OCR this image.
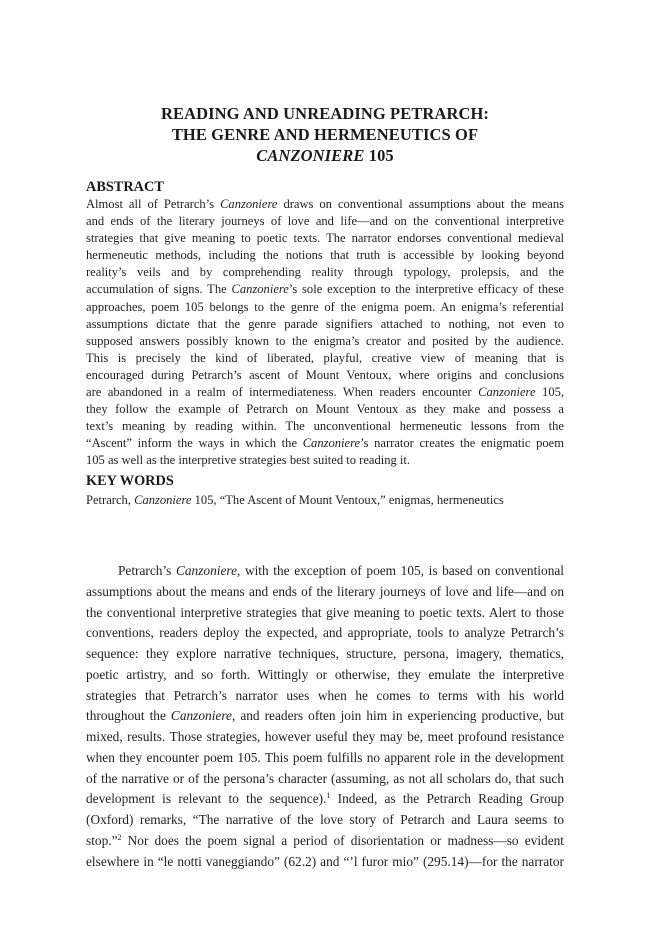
READING AND UNREADING PETRARCH:
THE GENRE AND HERMENEUTICS OF
CANZONIERE 105
ABSTRACT
Almost all of Petrarch’s Canzoniere draws on conventional assumptions about the means
and ends of the literary journeys of love and life—and on the conventional interpretive
strategies that give meaning to poetic texts. The narrator endorses conventional medieval
hermeneutic methods, including the notions that truth is accessible by looking beyond
reality’s veils and by comprehending reality through typology, prolepsis, and the
accumulation of signs. The Canzoniere’s sole exception to the interpretive efficacy of these
approaches, poem 105 belongs to the genre of the enigma poem. An enigma’s referential
assumptions dictate that the genre parade signifiers attached to nothing, not even to
supposed answers possibly known to the enigma’s creator and posited by the audience.
This is precisely the kind of liberated, playful, creative view of meaning that is
encouraged during Petrarch’s ascent of Mount Ventoux, where origins and conclusions
are abandoned in a realm of intermediateness. When readers encounter Canzoniere 105,
they follow the example of Petrarch on Mount Ventoux as they make and possess a
text’s meaning by reading within. The unconventional hermeneutic lessons from the
“Ascent” inform the ways in which the Canzoniere’s narrator creates the enigmatic poem
105 as well as the interpretive strategies best suited to reading it.
KEY WORDS
Petrarch, Canzoniere 105, “The Ascent of Mount Ventoux,” enigmas, hermeneutics
Petrarch’s Canzoniere, with the exception of poem 105, is based on conventional
assumptions about the means and ends of the literary journeys of love and life—and on
the conventional interpretive strategies that give meaning to poetic texts. Alert to those
conventions, readers deploy the expected, and appropriate, tools to analyze Petrarch’s
sequence: they explore narrative techniques, structure, persona, imagery, thematics,
poetic artistry, and so forth. Wittingly or otherwise, they emulate the interpretive
strategies that Petrarch’s narrator uses when he comes to terms with his world
throughout the Canzoniere, and readers often join him in experiencing productive, but
mixed, results. Those strategies, however useful they may be, meet profound resistance
when they encounter poem 105. This poem fulfills no apparent role in the development
of the narrative or of the persona’s character (assuming, as not all scholars do, that such
development is relevant to the sequence).$^1$ Indeed, as the Petrarch Reading Group
(Oxford) remarks, “The narrative of the love story of Petrarch and Laura seems to
stop.”$^2$ Nor does the poem signal a period of disorientation or madness—so evident
elsewhere in “le notti vaneggiando” (62.2) and “’l furor mio” (295.14)—for the narrator
